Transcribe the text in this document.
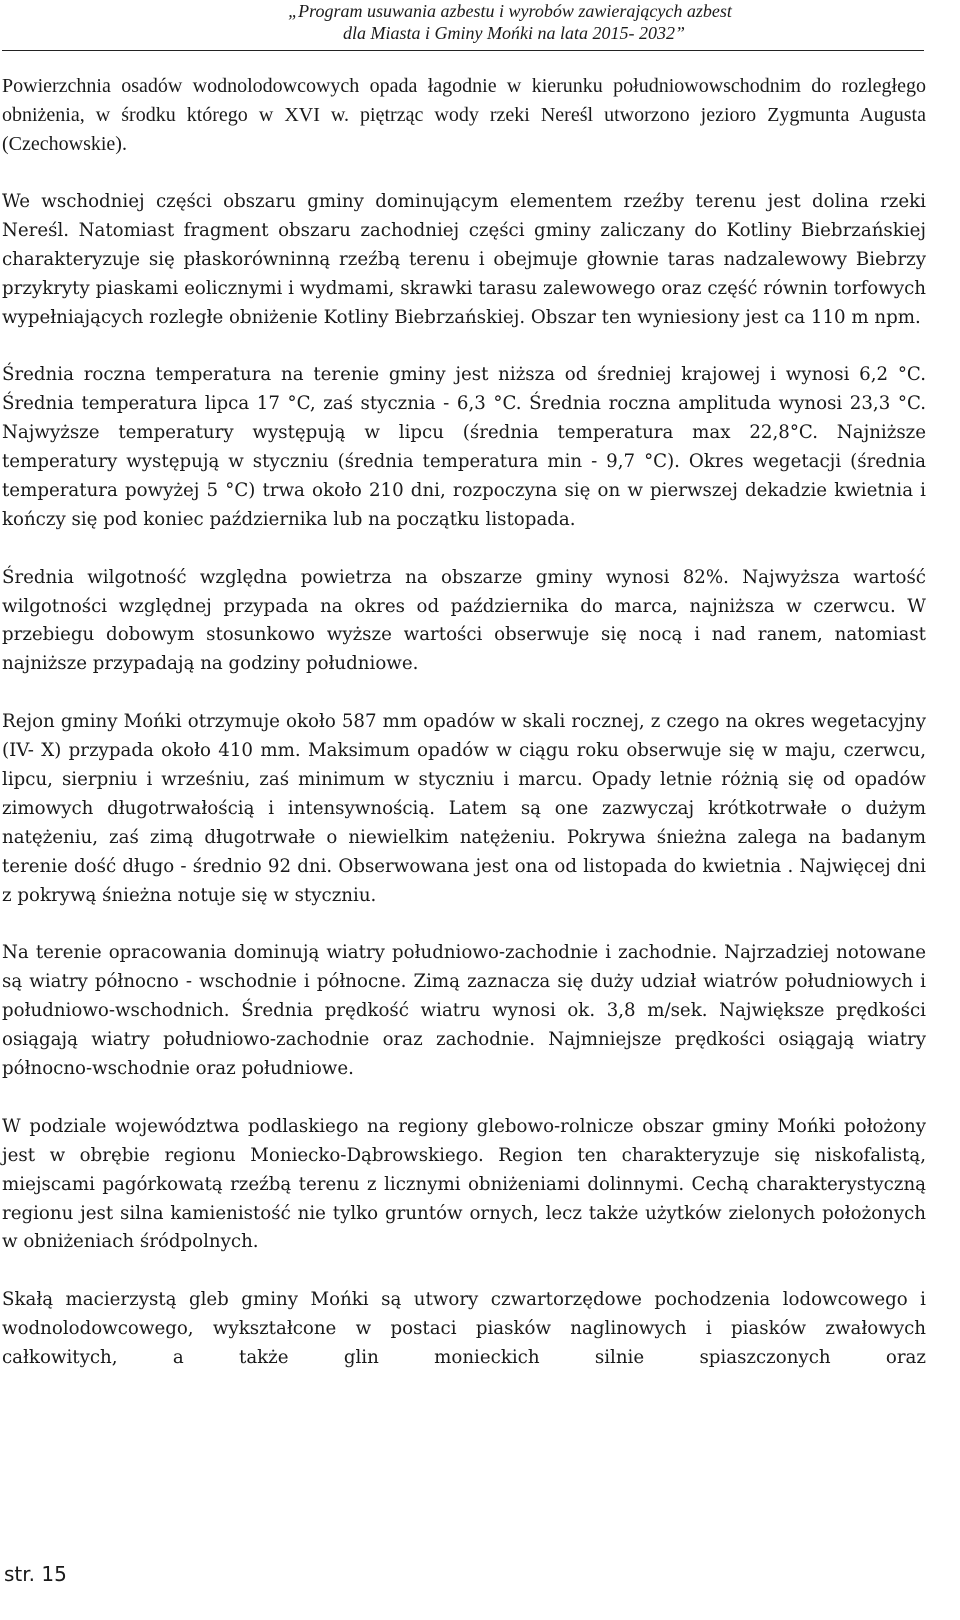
„Program usuwania azbestu i wyrobów zawierających azbest
dla Miasta i Gminy Mońki na lata 2015- 2032”

Powierzchnia osadów wodnolodowcowych opada łagodnie w kierunku południowowschodnim do rozległego obniżenia, w środku którego w XVI w. piętrząc wody rzeki Nereśl utworzono jezioro Zygmunta Augusta (Czechowskie).

We wschodniej części obszaru gminy dominującym elementem rzeźby terenu jest dolina rzeki Nereśl. Natomiast fragment obszaru zachodniej części gminy zaliczany do Kotliny Biebrzańskiej charakteryzuje się płaskorówninną rzeźbą terenu i obejmuje głownie taras nadzalewowy Biebrzy przykryty piaskami eolicznymi i wydmami, skrawki tarasu zalewowego oraz część równin torfowych wypełniających rozległe obniżenie Kotliny Biebrzańskiej. Obszar ten wyniesiony jest ca 110 m npm.

Średnia roczna temperatura na terenie gminy jest niższa od średniej krajowej i wynosi 6,2 °C. Średnia temperatura lipca 17 °C, zaś stycznia - 6,3 °C. Średnia roczna amplituda wynosi 23,3 °C. Najwyższe temperatury występują w lipcu (średnia temperatura max 22,8°C. Najniższe temperatury występują w styczniu (średnia temperatura min - 9,7 °C). Okres wegetacji (średnia temperatura powyżej 5 °C) trwa około 210 dni, rozpoczyna się on w pierwszej dekadzie kwietnia i kończy się pod koniec października lub na początku listopada.

Średnia wilgotność względna powietrza na obszarze gminy wynosi 82%. Najwyższa wartość wilgotności względnej przypada na okres od października do marca, najniższa w czerwcu. W przebiegu dobowym stosunkowo wyższe wartości obserwuje się nocą i nad ranem, natomiast najniższe przypadają na godziny południowe.

Rejon gminy Mońki otrzymuje około 587 mm opadów w skali rocznej, z czego na okres wegetacyjny (IV- X) przypada około 410 mm. Maksimum opadów w ciągu roku obserwuje się w maju, czerwcu, lipcu, sierpniu i wrześniu, zaś minimum w styczniu i marcu. Opady letnie różnią się od opadów zimowych długotrwałością i intensywnością. Latem są one zazwyczaj krótkotrwałe o dużym natężeniu, zaś zimą długotrwałe o niewielkim natężeniu. Pokrywa śnieżna zalega na badanym terenie dość długo - średnio 92 dni. Obserwowana jest ona od listopada do kwietnia . Najwięcej dni z pokrywą śnieżna notuje się w styczniu.

Na terenie opracowania dominują wiatry południowo-zachodnie i zachodnie. Najrzadziej notowane są wiatry północno - wschodnie i północne. Zimą zaznacza się duży udział wiatrów południowych i południowo-wschodnich. Średnia prędkość wiatru wynosi ok. 3,8 m/sek. Największe prędkości osiągają wiatry południowo-zachodnie oraz zachodnie. Najmniejsze prędkości osiągają wiatry północno-wschodnie oraz południowe.

W podziale województwa podlaskiego na regiony glebowo-rolnicze obszar gminy Mońki położony jest w obrębie regionu Moniecko-Dąbrowskiego. Region ten charakteryzuje się niskofalistą, miejscami pagórkowatą rzeźbą terenu z licznymi obniżeniami dolinnymi. Cechą charakterystyczną regionu jest silna kamienistość nie tylko gruntów ornych, lecz także użytków zielonych położonych w obniżeniach śródpolnych.

Skałą macierzystą gleb gminy Mońki są utwory czwartorzędowe pochodzenia lodowcowego i wodnolodowcowego, wykształcone w postaci piasków naglinowych i piasków zwałowych całkowitych, a także glin monieckich silnie spiaszczonych oraz

str. 15
